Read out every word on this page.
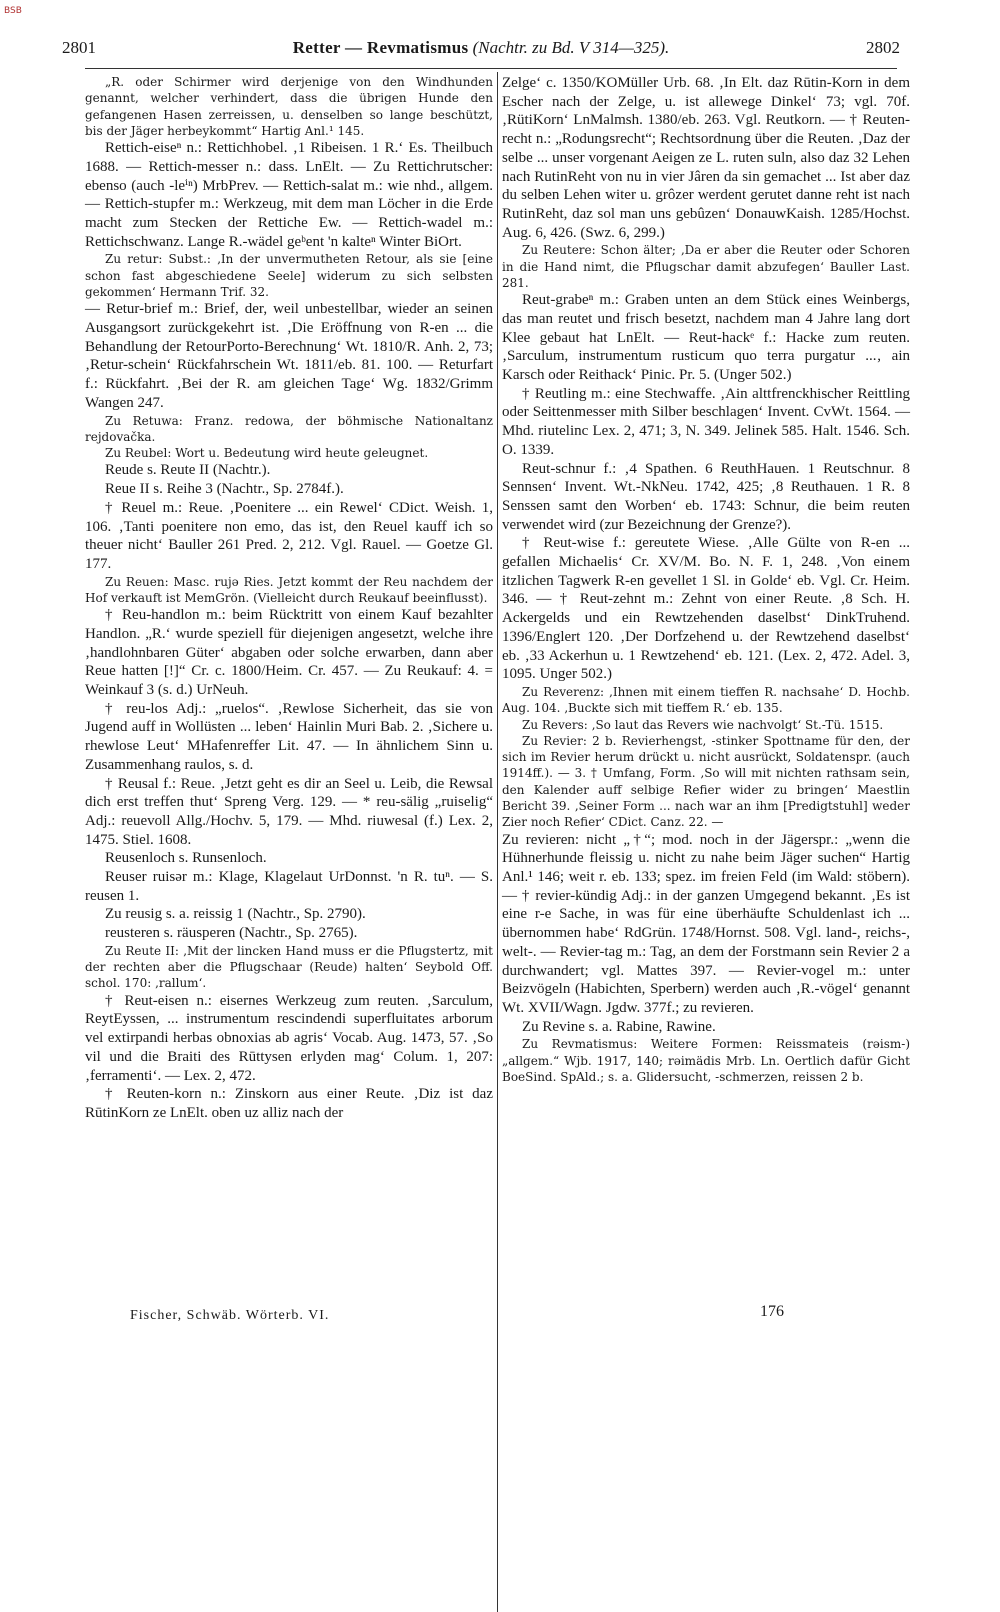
BSB
2801	Retter — Revmatismus (Nachtr. zu Bd. V 314—325).	2802

„R. oder Schirmer wird derjenige von den Windhunden genannt, welcher verhindert, dass die übrigen Hunde den gefangenen Hasen zerreissen, u. denselben so lange beschützt, bis der Jäger herbeykommt“ Hartig Anl.¹ 145.

Rettich-eiseⁿ n.: Rettichhobel. ‚1 Ribeisen. 1 R.‘ Es. Theilbuch 1688. — Rettich-messer n.: dass. LnElt. — Zu Rettichrutscher: ebenso (auch -leⁱⁿ) MrbPrev. — Rettich-salat m.: wie nhd., allgem. — Rettich-stupfer m.: Werkzeug, mit dem man Löcher in die Erde macht zum Stecken der Rettiche Ew. — Rettich-wadel m.: Rettichschwanz. Lange R.-wädel geᵇent 'n kalteⁿ Winter BiOrt.

Zu retur: Subst.: ‚In der unvermutheten Retour, als sie [eine schon fast abgeschiedene Seele] widerum zu sich selbsten gekommen‘ Hermann Trif. 32.

— Retur-brief m.: Brief, der, weil unbestellbar, wieder an seinen Ausgangsort zurückgekehrt ist. ‚Die Eröffnung von R-en ... die Behandlung der RetourPorto-Berechnung‘ Wt. 1810/R. Anh. 2, 73; ‚Retur-schein‘ Rückfahrschein Wt. 1811/eb. 81. 100. — Returfart f.: Rückfahrt. ‚Bei der R. am gleichen Tage‘ Wg. 1832/Grimm Wangen 247.

Zu Retuwa: Franz. redowa, der böhmische Nationaltanz rejdovačka.

Zu Reubel: Wort u. Bedeutung wird heute geleugnet.

Reude s. Reute II (Nachtr.).

Reue II s. Reihe 3 (Nachtr., Sp. 2784f.).

† Reuel m.: Reue. ‚Poenitere ... ein Rewel‘ CDict. Weish. 1, 106. ‚Tanti poenitere non emo, das ist, den Reuel kauff ich so theuer nicht‘ Bauller 261 Pred. 2, 212. Vgl. Rauel. — Goetze Gl. 177.

Zu Reuen: Masc. rujə Ries. Jetzt kommt der Reu nachdem der Hof verkauft ist MemGrön. (Vielleicht durch Reukauf beeinflusst).

† Reu-handlon m.: beim Rücktritt von einem Kauf bezahlter Handlon. „R.‘ wurde speziell für diejenigen angesetzt, welche ihre ‚handlohnbaren Güter‘ abgaben oder solche erwarben, dann aber Reue hatten [!]“ Cr. c. 1800/Heim. Cr. 457. — Zu Reukauf: 4. = Weinkauf 3 (s. d.) UrNeuh.

† reu-los Adj.: „ruelos“. ‚Rewlose Sicherheit, das sie von Jugend auff in Wollüsten ... leben‘ Hainlin Muri Bab. 2. ‚Sichere u. rhewlose Leut‘ MHafenreffer Lit. 47. — In ähnlichem Sinn u. Zusammenhang raulos, s. d.

† Reusal f.: Reue. ‚Jetzt geht es dir an Seel u. Leib, die Rewsal dich erst treffen thut‘ Spreng Verg. 129. — * reu-sälig „ruiselig“ Adj.: reuevoll Allg./Hochv. 5, 179. — Mhd. riuwesal (f.) Lex. 2, 1475. Stiel. 1608.

Reusenloch s. Runsenloch.

Reuser ruisər m.: Klage, Klagelaut UrDonnst. 'n R. tuⁿ. — S. reusen 1.

Zu reusig s. a. reissig 1 (Nachtr., Sp. 2790).

reusteren s. räusperen (Nachtr., Sp. 2765).

Zu Reute II: ‚Mit der lincken Hand muss er die Pflugstertz, mit der rechten aber die Pflugschaar (Reude) halten‘ Seybold Off. schol. 170: ‚rallum‘.

† Reut-eisen n.: eisernes Werkzeug zum reuten. ‚Sarculum, ReytEyssen, ... instrumentum rescindendi superfluitates arborum vel extirpandi herbas obnoxias ab agris‘ Vocab. Aug. 1473, 57. ‚So vil und die Braiti des Rūttysen erlyden mag‘ Colum. 1, 207: ‚ferramenti‘. — Lex. 2, 472.

† Reuten-korn n.: Zinskorn aus einer Reute. ‚Diz ist daz RūtinKorn ze LnElt. oben uz alliz nach der

Zelge‘ c. 1350/KOMüller Urb. 68. ‚In Elt. daz Rūtin-Korn in dem Escher nach der Zelge, u. ist allewege Dinkel‘ 73; vgl. 70f. ‚RütiKorn‘ LnMalmsh. 1380/eb. 263. Vgl. Reutkorn. — † Reuten-recht n.: „Rodungsrecht“; Rechtsordnung über die Reuten. ‚Daz der selbe ... unser vorgenant Aeigen ze L. ruten suln, also daz 32 Lehen nach RutinReht von nu in vier Jâren da sin gemachet ... Ist aber daz du selben Lehen witer u. grôzer werdent gerutet danne reht ist nach RutinReht, daz sol man uns gebûzen‘ DonauwKaish. 1285/Hochst. Aug. 6, 426. (Swz. 6, 299.)

Zu Reutere: Schon älter; ‚Da er aber die Reuter oder Schoren in die Hand nimt, die Pflugschar damit abzufegen‘ Bauller Last. 281.

Reut-grabeⁿ m.: Graben unten an dem Stück eines Weinbergs, das man reutet und frisch besetzt, nachdem man 4 Jahre lang dort Klee gebaut hat LnElt. — Reut-hackᵉ f.: Hacke zum reuten. ‚Sarculum, instrumentum rusticum quo terra purgatur ...‚ ain Karsch oder Reithack‘ Pinic. Pr. 5. (Unger 502.)

† Reutling m.: eine Stechwaffe. ‚Ain alttfrenckhischer Reittling oder Seittenmesser mith Silber beschlagen‘ Invent. CvWt. 1564. — Mhd. riutelinc Lex. 2, 471; 3, N. 349. Jelinek 585. Halt. 1546. Sch. O. 1339.

Reut-schnur f.: ‚4 Spathen. 6 ReuthHauen. 1 Reutschnur. 8 Sennsen‘ Invent. Wt.-NkNeu. 1742, 425; ‚8 Reuthauen. 1 R. 8 Senssen samt den Worben‘ eb. 1743: Schnur, die beim reuten verwendet wird (zur Bezeichnung der Grenze?).

† Reut-wise f.: gereutete Wiese. ‚Alle Gülte von R-en ... gefallen Michaelis‘ Cr. XV/M. Bo. N. F. 1, 248. ‚Von einem itzlichen Tagwerk R-en gevellet 1 Sl. in Golde‘ eb. Vgl. Cr. Heim. 346. — † Reut-zehnt m.: Zehnt von einer Reute. ‚8 Sch. H. Ackergelds und ein Rewtzehenden daselbst‘ DinkTruhend. 1396/Englert 120. ‚Der Dorfzehend u. der Rewtzehend daselbst‘ eb. ‚33 Ackerhun u. 1 Rewtzehend‘ eb. 121. (Lex. 2, 472. Adel. 3, 1095. Unger 502.)

Zu Reverenz: ‚Ihnen mit einem tieffen R. nachsahe‘ D. Hochb. Aug. 104. ‚Buckte sich mit tieffem R.‘ eb. 135.

Zu Revers: ‚So laut das Revers wie nachvolgt‘ St.-Tü. 1515.

Zu Revier: 2 b. Revierhengst, -stinker Spottname für den, der sich im Revier herum drückt u. nicht ausrückt, Soldatenspr. (auch 1914ff.). — 3. † Umfang, Form. ‚So will mit nichten rathsam sein, den Kalender auff selbige Refier wider zu bringen‘ Maestlin Bericht 39. ‚Seiner Form ... nach war an ihm [Predigtstuhl] weder Zier noch Refier‘ CDict. Canz. 22. —

Zu revieren: nicht „†“; mod. noch in der Jägerspr.: „wenn die Hühnerhunde fleissig u. nicht zu nahe beim Jäger suchen“ Hartig Anl.¹ 146; weit r. eb. 133; spez. im freien Feld (im Wald: stöbern). — † revier-kündig Adj.: in der ganzen Umgegend bekannt. ‚Es ist eine r-e Sache, in was für eine überhäufte Schuldenlast ich ... übernommen habe‘ RdGrün. 1748/Hornst. 508. Vgl. land-, reichs-, welt-. — Revier-tag m.: Tag, an dem der Forstmann sein Revier 2 a durchwandert; vgl. Mattes 397. — Revier-vogel m.: unter Beizvögeln (Habichten, Sperbern) werden auch ‚R.-vögel‘ genannt Wt. XVII/Wagn. Jgdw. 377f.; zu revieren.

Zu Revine s. a. Rabine, Rawine.

Zu Revmatismus: Weitere Formen: Reissmateis (rəism-) „allgem.“ Wjb. 1917, 140; rəimädis Mrb. Ln. Oertlich dafür Gicht BoeSind. SpAld.; s. a. Glidersucht, -schmerzen, reissen 2 b.

Fischer, Schwäb. Wörterb. VI.	176
